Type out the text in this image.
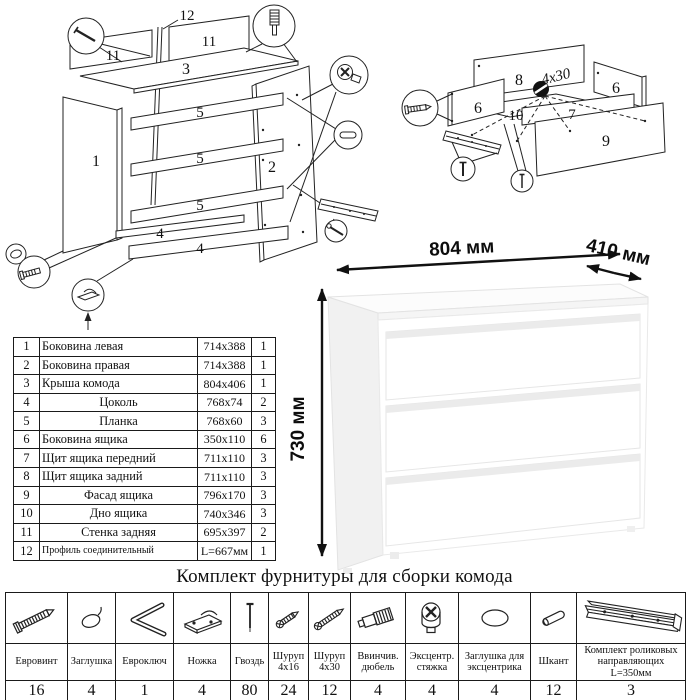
12
11
11
3
1
5
5
5
2
4
4
8	6
6 10	7
9
4x30
804 мм	410 мм
730 мм
1	Боковина левая	714x388	1
2	Боковина правая	714x388	1
3	Крыша комода	804x406	1
4	Цоколь	768x74	2
5	Планка	768x60	3
6	Боковина ящика	350x110	6
7	Щит ящика передний	711x110	3
8	Щит ящика задний	711x110	3
9	Фасад ящика	796x170	3
10	Дно ящика	740x346	3
11	Стенка задняя	695x397	2
12	Профиль соединительный	L=667мм	1
Комплект фурнитуры для сборки комода

Евровинт	Заглушка	Евроключ	Ножка	Гвоздь	Шуруп 4x16	Шуруп 4x30	Ввинчив. дюбель	Эксцентр. стяжка	Заглушка для эксцентрика	Шкант	Комплект роликовых направляющих L=350мм
16	4	1	4	80	24	12	4	4	4	12	3
